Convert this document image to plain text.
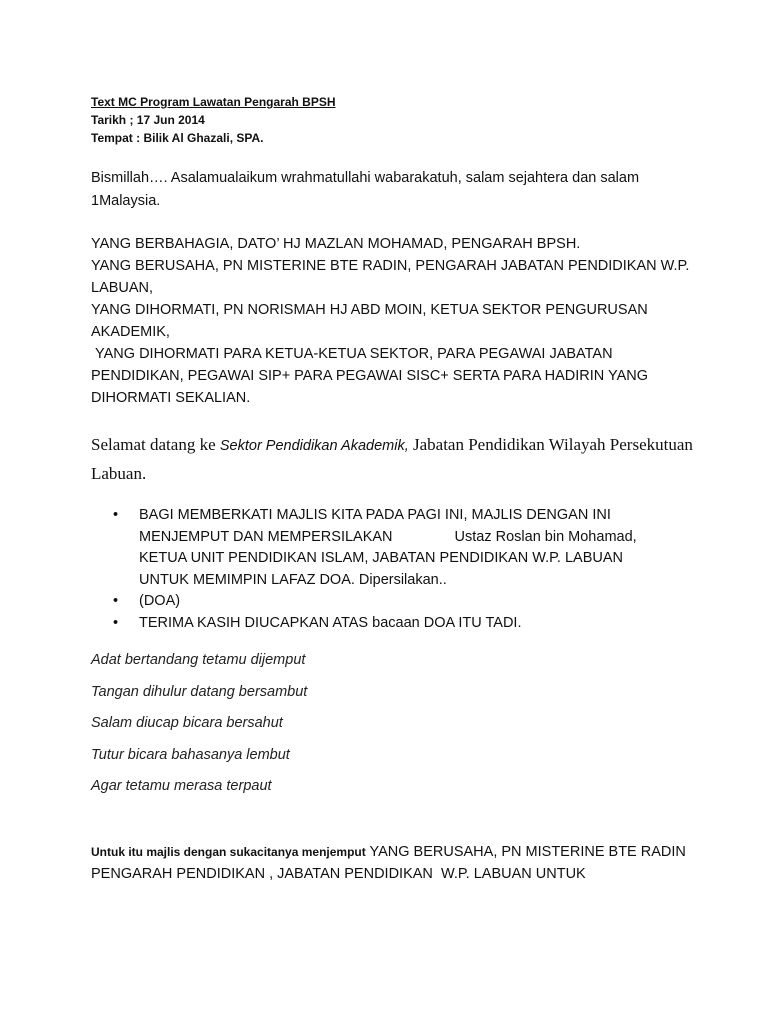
Text MC Program Lawatan Pengarah BPSH

Tarikh ; 17 Jun 2014

Tempat : Bilik Al Ghazali, SPA.

Bismillah…. Asalamualaikum wrahmatullahi wabarakatuh, salam sejahtera dan salam 1Malaysia.

YANG BERBAHAGIA, DATO’ HJ MAZLAN MOHAMAD, PENGARAH BPSH.

YANG BERUSAHA, PN MISTERINE BTE RADIN, PENGARAH JABATAN PENDIDIKAN W.P. LABUAN,

YANG DIHORMATI, PN NORISMAH HJ ABD MOIN, KETUA SEKTOR PENGURUSAN AKADEMIK,

YANG DIHORMATI PARA KETUA-KETUA SEKTOR, PARA PEGAWAI JABATAN PENDIDIKAN, PEGAWAI SIP+ PARA PEGAWAI SISC+ SERTA PARA HADIRIN YANG DIHORMATI SEKALIAN.

Selamat datang ke Sektor Pendidikan Akademik, Jabatan Pendidikan Wilayah Persekutuan Labuan.
• BAGI MEMBERKATI MAJLIS KITA PADA PAGI INI, MAJLIS DENGAN INI
MENJEMPUT DAN MEMPERSILAKAN	Ustaz Roslan bin Mohamad,
KETUA UNIT PENDIDIKAN ISLAM, JABATAN PENDIDIKAN W.P. LABUAN
UNTUK MEMIMPIN LAFAZ DOA. Dipersilakan..
• (DOA)
• TERIMA KASIH DIUCAPKAN ATAS bacaan DOA ITU TADI.

Adat bertandang tetamu dijemput

Tangan dihulur datang bersambut

Salam diucap bicara bersahut

Tutur bicara bahasanya lembut

Agar tetamu merasa terpaut

Untuk itu majlis dengan sukacitanya menjemput YANG BERUSAHA, PN MISTERINE BTE RADIN PENGARAH PENDIDIKAN , JABATAN PENDIDIKAN  W.P. LABUAN UNTUK
